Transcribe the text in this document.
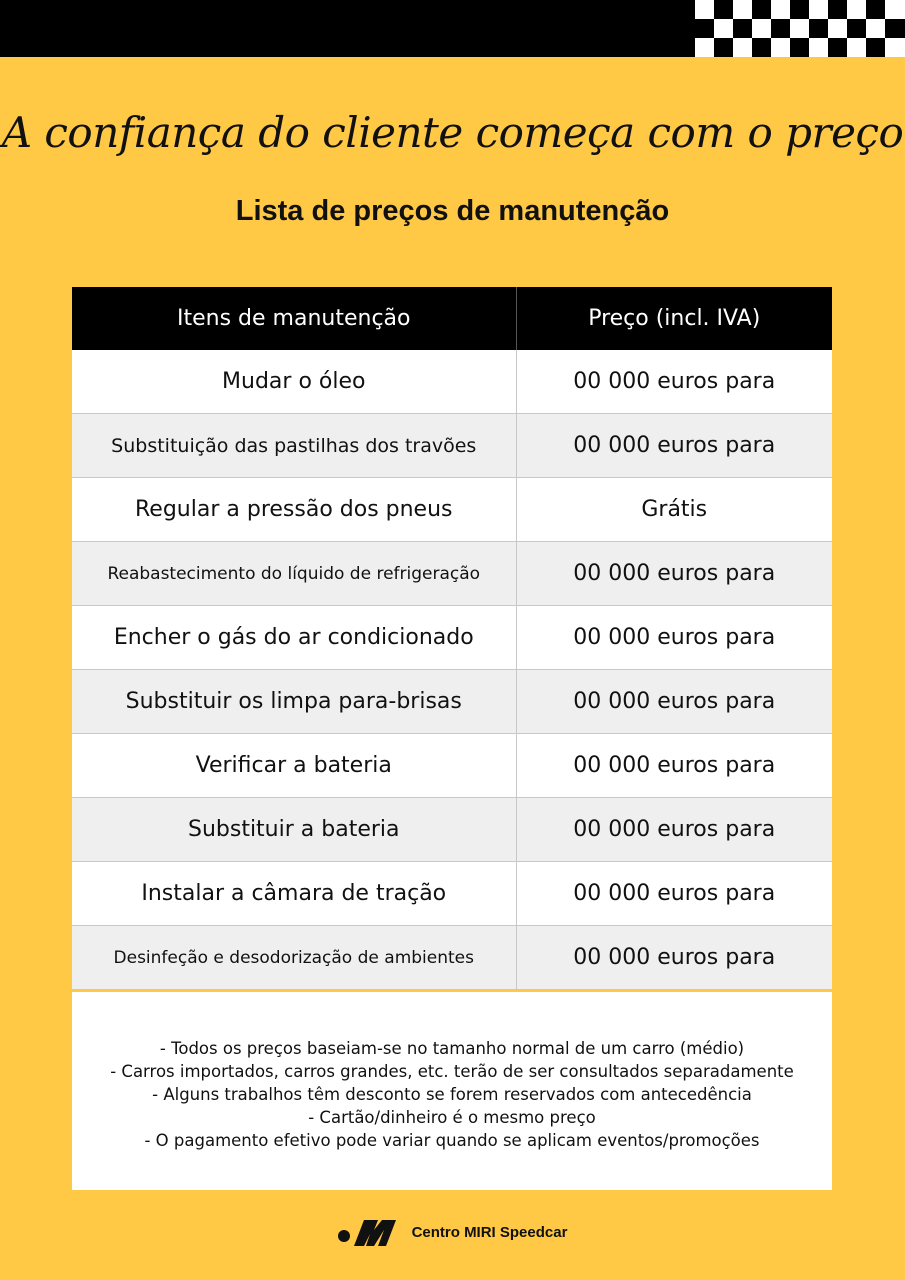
A confiança do cliente começa com o preço
Lista de preços de manutenção
Itens de manutenção	Preço (incl. IVA)
Mudar o óleo	00 000 euros para
Substituição das pastilhas dos travões	00 000 euros para
Regular a pressão dos pneus	Grátis
Reabastecimento do líquido de refrigeração	00 000 euros para
Encher o gás do ar condicionado	00 000 euros para
Substituir os limpa para-brisas	00 000 euros para
Verificar a bateria	00 000 euros para
Substituir a bateria	00 000 euros para
Instalar a câmara de tração	00 000 euros para
Desinfeção e desodorização de ambientes	00 000 euros para
- Todos os preços baseiam-se no tamanho normal de um carro (médio)
- Carros importados, carros grandes, etc. terão de ser consultados separadamente
- Alguns trabalhos têm desconto se forem reservados com antecedência
- Cartão/dinheiro é o mesmo preço
- O pagamento efetivo pode variar quando se aplicam eventos/promoções
Centro MIRI Speedcar
